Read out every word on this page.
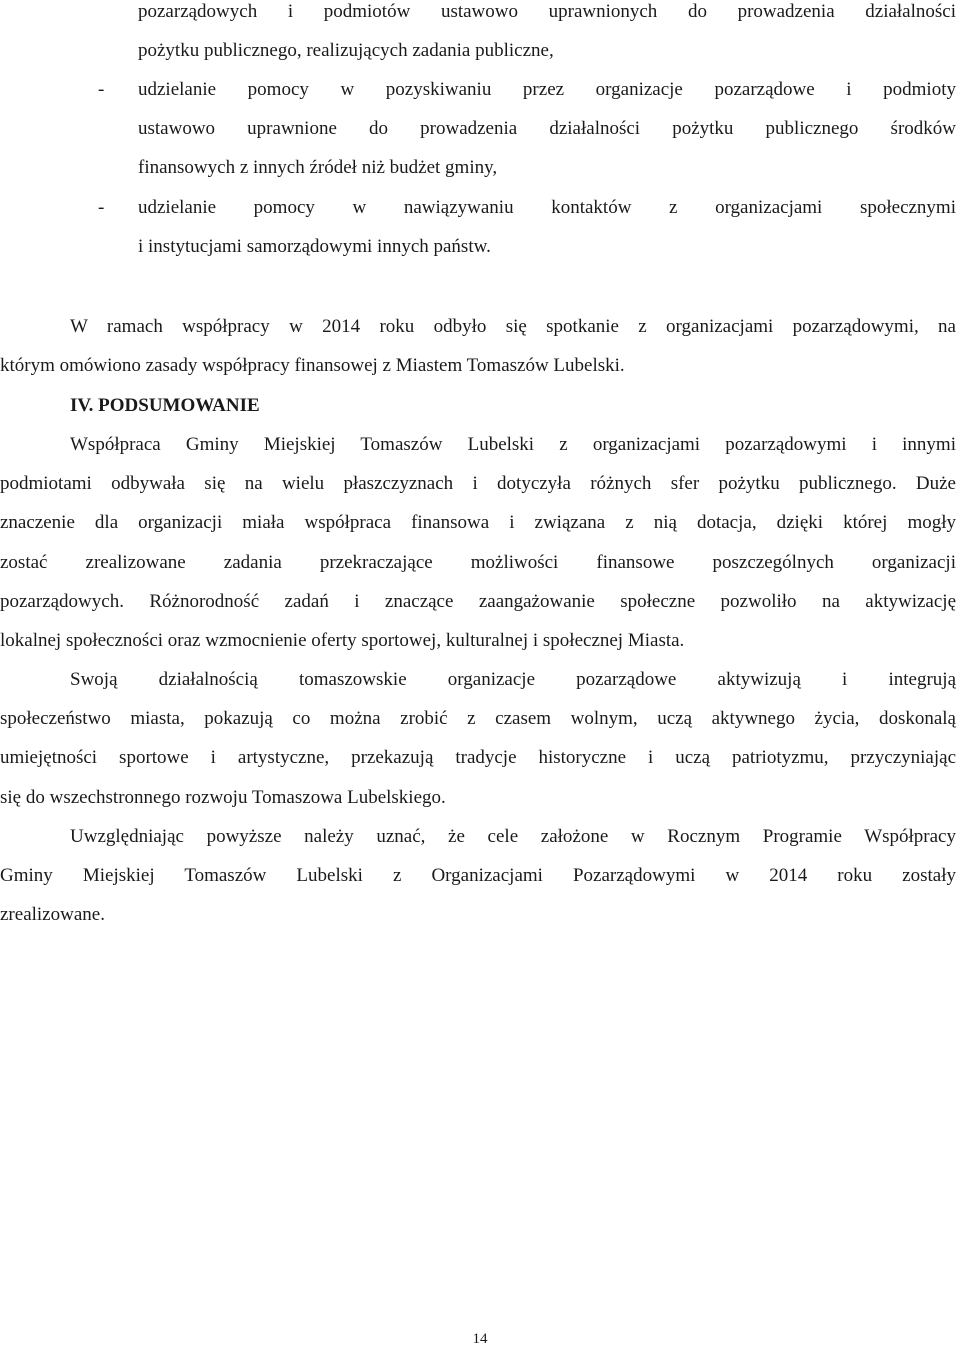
pozarządowych i podmiotów ustawowo uprawnionych do prowadzenia działalności
pożytku publicznego, realizujących zadania publiczne,
-	udzielanie pomocy w pozyskiwaniu przez organizacje pozarządowe i podmioty
ustawowo uprawnione do prowadzenia działalności pożytku publicznego środków
finansowych z innych źródeł niż budżet gminy,
-	udzielanie pomocy w nawiązywaniu kontaktów z organizacjami społecznymi
i instytucjami samorządowymi innych państw.
W ramach współpracy w 2014 roku odbyło się spotkanie z organizacjami pozarządowymi, na
którym omówiono zasady współpracy finansowej z Miastem Tomaszów Lubelski.
IV. PODSUMOWANIE
Współpraca Gminy Miejskiej Tomaszów Lubelski z organizacjami pozarządowymi i innymi
podmiotami odbywała się na wielu płaszczyznach i dotyczyła różnych sfer pożytku publicznego. Duże
znaczenie dla organizacji miała współpraca finansowa i związana z nią dotacja, dzięki której mogły
zostać zrealizowane zadania przekraczające możliwości finansowe poszczególnych organizacji
pozarządowych. Różnorodność zadań i znaczące zaangażowanie społeczne pozwoliło na aktywizację
lokalnej społeczności oraz wzmocnienie oferty sportowej, kulturalnej i społecznej Miasta.
Swoją działalnością tomaszowskie organizacje pozarządowe aktywizują i integrują
społeczeństwo miasta, pokazują co można zrobić z czasem wolnym, uczą aktywnego życia, doskonalą
umiejętności sportowe i artystyczne, przekazują tradycje historyczne i uczą patriotyzmu, przyczyniając
się do wszechstronnego rozwoju Tomaszowa Lubelskiego.
Uwzględniając powyższe należy uznać, że cele założone w Rocznym Programie Współpracy
Gminy Miejskiej Tomaszów Lubelski z Organizacjami Pozarządowymi w 2014 roku zostały
zrealizowane.
14
